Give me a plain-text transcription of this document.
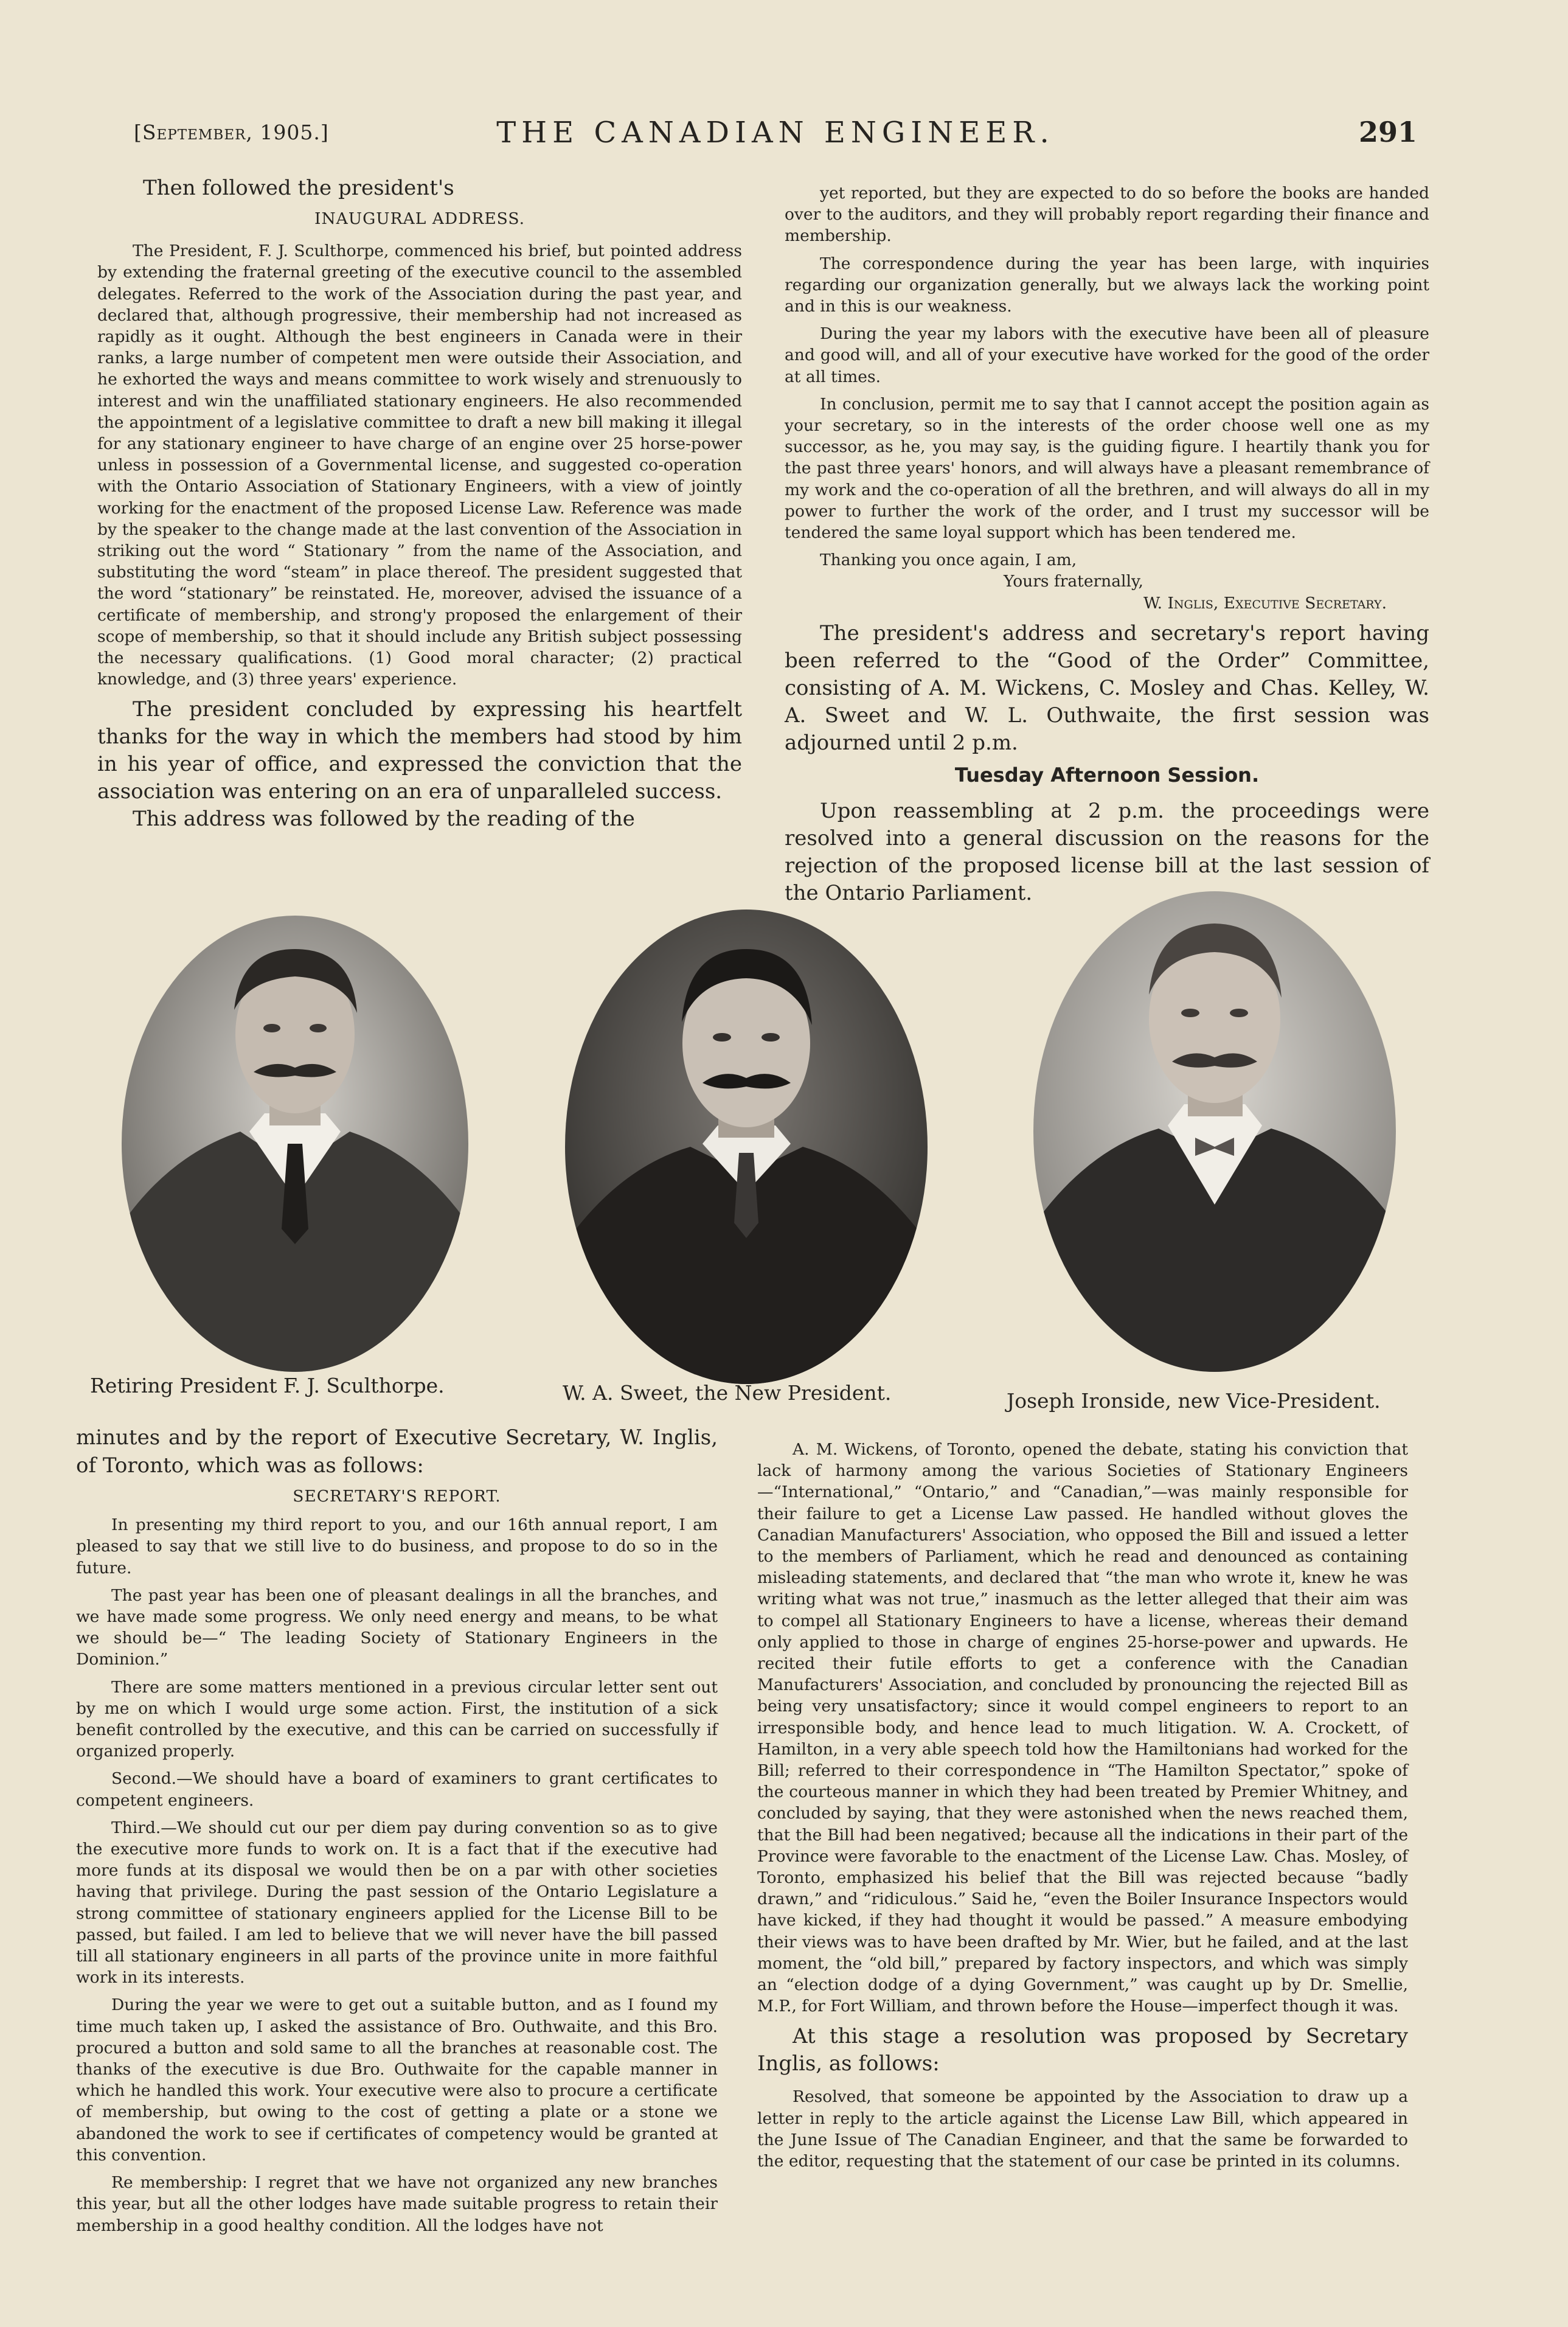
[September, 1905.]	THE CANADIAN ENGINEER.	291

Then followed the president's

INAUGURAL ADDRESS.

The President, F. J. Sculthorpe, commenced his brief, but pointed address by extending the fraternal greeting of the executive council to the assembled delegates. Referred to the work of the Association during the past year, and declared that, although progressive, their membership had not increased as rapidly as it ought. Although the best engineers in Canada were in their ranks, a large number of competent men were outside their Association, and he exhorted the ways and means committee to work wisely and strenuously to interest and win the unaffiliated stationary engineers. He also recommended the appointment of a legislative committee to draft a new bill making it illegal for any stationary engineer to have charge of an engine over 25 horse-power unless in possession of a Governmental license, and suggested co-operation with the Ontario Association of Stationary Engineers, with a view of jointly working for the enactment of the proposed License Law. Reference was made by the speaker to the change made at the last convention of the Association in striking out the word “ Stationary ” from the name of the Association, and substituting the word “steam” in place thereof. The president suggested that the word “stationary” be reinstated. He, moreover, advised the issuance of a certificate of membership, and strong'y proposed the enlargement of their scope of membership, so that it should include any British subject possessing the necessary qualifications. (1) Good moral character; (2) practical knowledge, and (3) three years' experience.

The president concluded by expressing his heartfelt thanks for the way in which the members had stood by him in his year of office, and expressed the conviction that the association was entering on an era of unparalleled success.

This address was followed by the reading of the

yet reported, but they are expected to do so before the books are handed over to the auditors, and they will probably report regarding their finance and membership.

The correspondence during the year has been large, with inquiries regarding our organization generally, but we always lack the working point and in this is our weakness.

During the year my labors with the executive have been all of pleasure and good will, and all of your executive have worked for the good of the order at all times.

In conclusion, permit me to say that I cannot accept the position again as your secretary, so in the interests of the order choose well one as my successor, as he, you may say, is the guiding figure. I heartily thank you for the past three years' honors, and will always have a pleasant remembrance of my work and the co-operation of all the brethren, and will always do all in my power to further the work of the order, and I trust my successor will be tendered the same loyal support which has been tendered me.

Thanking you once again, I am,

Yours fraternally,

W. Inglis, Executive Secretary.

The president's address and secretary's report having been referred to the “Good of the Order” Committee, consisting of A. M. Wickens, C. Mosley and Chas. Kelley, W. A. Sweet and W. L. Outhwaite, the first session was adjourned until 2 p.m.

Tuesday Afternoon Session.

Upon reassembling at 2 p.m. the proceedings were resolved into a general discussion on the reasons for the rejection of the proposed license bill at the last session of the Ontario Parliament.

Retiring President F. J. Sculthorpe.	W. A. Sweet, the New President.	Joseph Ironside, new Vice-President.

minutes and by the report of Executive Secretary, W. Inglis, of Toronto, which was as follows:

SECRETARY'S REPORT.

In presenting my third report to you, and our 16th annual report, I am pleased to say that we still live to do business, and propose to do so in the future.

The past year has been one of pleasant dealings in all the branches, and we have made some progress. We only need energy and means, to be what we should be—“ The leading Society of Stationary Engineers in the Dominion.”

There are some matters mentioned in a previous circular letter sent out by me on which I would urge some action. First, the institution of a sick benefit controlled by the executive, and this can be carried on successfully if organized properly.

Second.—We should have a board of examiners to grant certificates to competent engineers.

Third.—We should cut our per diem pay during convention so as to give the executive more funds to work on. It is a fact that if the executive had more funds at its disposal we would then be on a par with other societies having that privilege. During the past session of the Ontario Legislature a strong committee of stationary engineers applied for the License Bill to be passed, but failed. I am led to believe that we will never have the bill passed till all stationary engineers in all parts of the province unite in more faithful work in its interests.

During the year we were to get out a suitable button, and as I found my time much taken up, I asked the assistance of Bro. Outhwaite, and this Bro. procured a button and sold same to all the branches at reasonable cost. The thanks of the executive is due Bro. Outhwaite for the capable manner in which he handled this work. Your executive were also to procure a certificate of membership, but owing to the cost of getting a plate or a stone we abandoned the work to see if certificates of competency would be granted at this convention.

Re membership: I regret that we have not organized any new branches this year, but all the other lodges have made suitable progress to retain their membership in a good healthy condition. All the lodges have not

A. M. Wickens, of Toronto, opened the debate, stating his conviction that lack of harmony among the various Societies of Stationary Engineers—“International,” “Ontario,” and “Canadian,”—was mainly responsible for their failure to get a License Law passed. He handled without gloves the Canadian Manufacturers' Association, who opposed the Bill and issued a letter to the members of Parliament, which he read and denounced as containing misleading statements, and declared that “the man who wrote it, knew he was writing what was not true,” inasmuch as the letter alleged that their aim was to compel all Stationary Engineers to have a license, whereas their demand only applied to those in charge of engines 25-horse-power and upwards. He recited their futile efforts to get a conference with the Canadian Manufacturers' Association, and concluded by pronouncing the rejected Bill as being very unsatisfactory; since it would compel engineers to report to an irresponsible body, and hence lead to much litigation. W. A. Crockett, of Hamilton, in a very able speech told how the Hamiltonians had worked for the Bill; referred to their correspondence in “The Hamilton Spectator,” spoke of the courteous manner in which they had been treated by Premier Whitney, and concluded by saying, that they were astonished when the news reached them, that the Bill had been negatived; because all the indications in their part of the Province were favorable to the enactment of the License Law. Chas. Mosley, of Toronto, emphasized his belief that the Bill was rejected because “badly drawn,” and “ridiculous.” Said he, “even the Boiler Insurance Inspectors would have kicked, if they had thought it would be passed.” A measure embodying their views was to have been drafted by Mr. Wier, but he failed, and at the last moment, the “old bill,” prepared by factory inspectors, and which was simply an “election dodge of a dying Government,” was caught up by Dr. Smellie, M.P., for Fort William, and thrown before the House—imperfect though it was.

At this stage a resolution was proposed by Secretary Inglis, as follows:

Resolved, that someone be appointed by the Association to draw up a letter in reply to the article against the License Law Bill, which appeared in the June Issue of The Canadian Engineer, and that the same be forwarded to the editor, requesting that the statement of our case be printed in its columns.
